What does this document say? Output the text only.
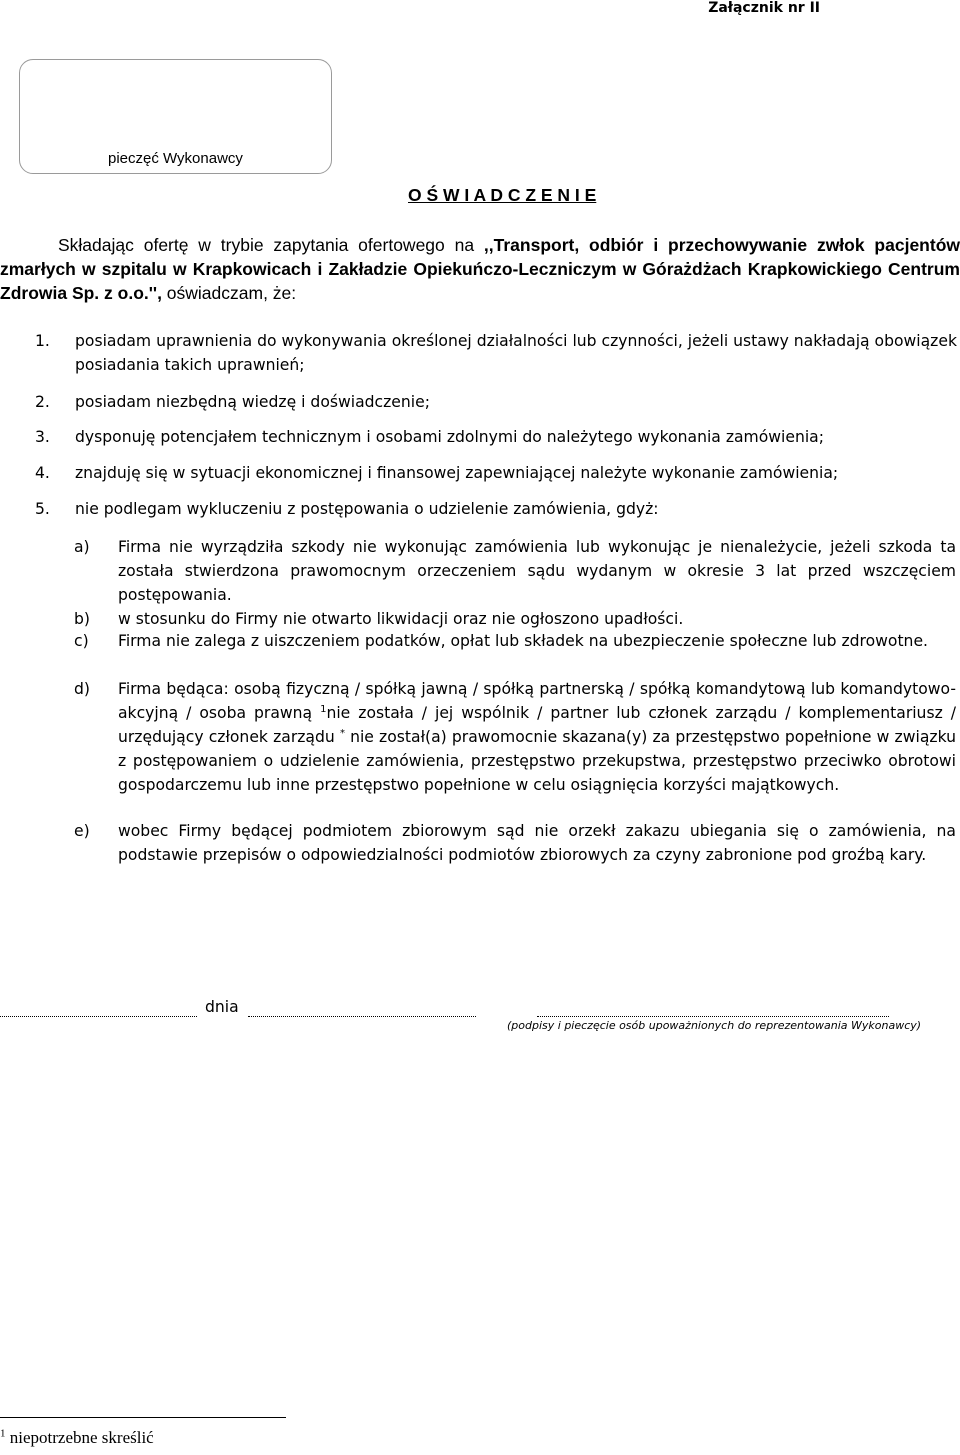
Załącznik nr II
pieczęć Wykonawcy
O Ś W I A D C Z E N I E
Składając ofertę w trybie zapytania ofertowego na ,,Transport, odbiór i przechowywanie zwłok pacjentów zmarłych w szpitalu w Krapkowicach i Zakładzie Opiekuńczo-Leczniczym w Górażdżach Krapkowickiego Centrum Zdrowia Sp. z o.o.'', oświadczam, że:
1.	posiadam uprawnienia do wykonywania określonej działalności lub czynności, jeżeli ustawy nakładają obowiązek posiadania takich uprawnień;
2.	posiadam niezbędną wiedzę i doświadczenie;
3.	dysponuję potencjałem technicznym i osobami zdolnymi do należytego wykonania zamówienia;
4.	znajduję się w sytuacji ekonomicznej i finansowej zapewniającej należyte wykonanie zamówienia;
5.	nie podlegam wykluczeniu z postępowania o udzielenie zamówienia, gdyż:
a)	Firma nie wyrządziła szkody nie wykonując zamówienia lub wykonując je nienależycie, jeżeli szkoda ta została stwierdzona prawomocnym orzeczeniem sądu wydanym w okresie 3 lat przed wszczęciem postępowania.
b)	w stosunku do Firmy nie otwarto likwidacji oraz nie ogłoszono upadłości.
c)	Firma nie zalega z uiszczeniem podatków, opłat lub składek na ubezpieczenie społeczne lub zdrowotne.
d)	Firma będąca: osobą fizyczną / spółką jawną / spółką partnerską / spółką komandytową lub komandytowo-akcyjną / osoba prawną $^1$nie została / jej wspólnik / partner lub członek zarządu / komplementariusz / urzędujący członek zarządu * nie został(a) prawomocnie skazana(y) za przestępstwo popełnione w związku z postępowaniem o udzielenie zamówienia, przestępstwo przekupstwa, przestępstwo przeciwko obrotowi gospodarczemu lub inne przestępstwo popełnione w celu osiągnięcia korzyści majątkowych.
e)	wobec Firmy będącej podmiotem zbiorowym sąd nie orzekł zakazu ubiegania się o zamówienia, na podstawie przepisów o odpowiedzialności podmiotów zbiorowych za czyny zabronione pod groźbą kary.
dnia
(podpisy i pieczęcie osób upoważnionych do reprezentowania Wykonawcy)
$^1$ niepotrzebne skreślić
